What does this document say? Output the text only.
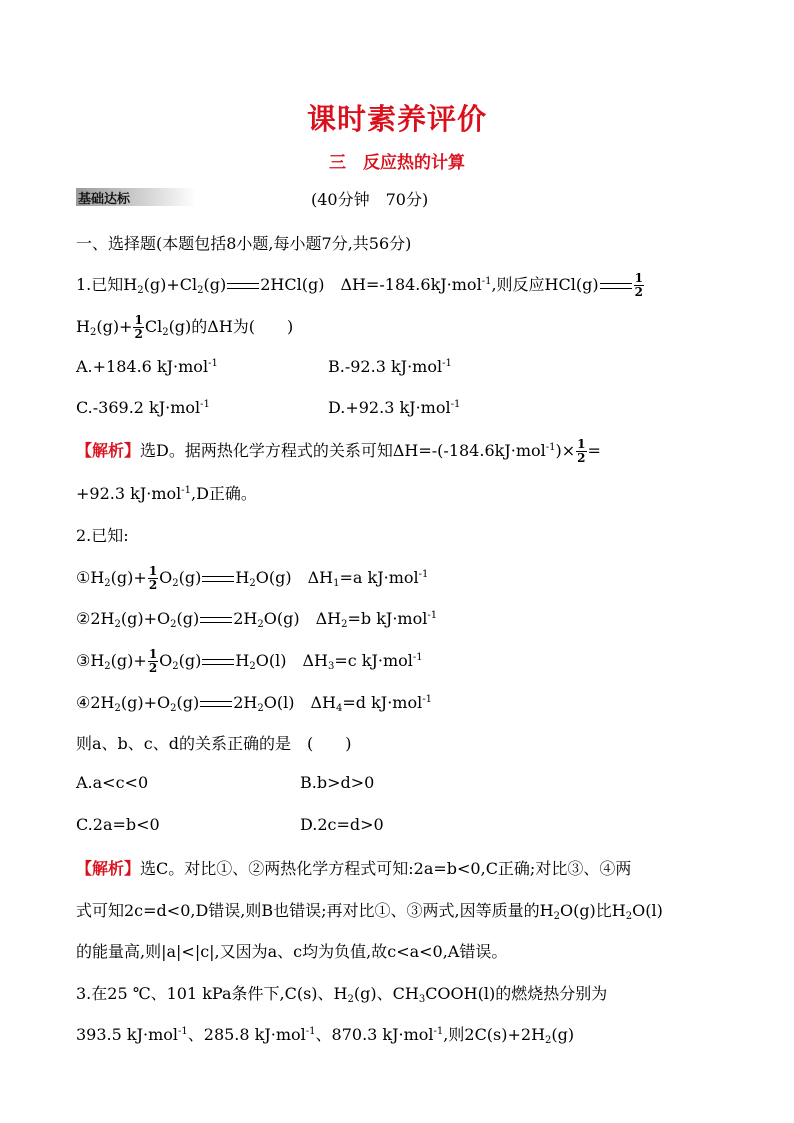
课时素养评价
三　反应热的计算
基础达标	(40分钟　70分)
一、选择题(本题包括8小题,每小题7分,共56分)
1.已知$H_2(g)+Cl_2(g)$ 2HCl(g)　ΔH=-184.6kJ·mol$^{-1}$,则反应HCl(g)	$\frac{1}{2}$
$H_2(g)+ \frac{1}{2} Cl_2(g)$的ΔH为(　　)
A.+184.6 kJ·mol$^{-1}$	B.-92.3 kJ·mol$^{-1}$
C.-369.2 kJ·mol$^{-1}$	D.+92.3 kJ·mol$^{-1}$
【解析】选D。据两热化学方程式的关系可知$\Delta H=-(-184.6kJ\cdot mol^{-1})\times \frac{1}{2}$ =
+92.3 kJ·mol$^{-1}$,D正确。
2.已知:
$①H_2(g)+ \frac{1}{2} O_2(g)$ $H_2O(g)$　$\Delta H_1=a$ kJ·mol$^{-1}$
$②2H_2(g)+O_2(g)$ $2H_2O(g)$　$\Delta H_2=b$ kJ·mol$^{-1}$
$③H_2(g)+ \frac{1}{2} O_2(g)$ $H_2O(l)$　$\Delta H_3=c$ kJ·mol$^{-1}$
$④2H_2(g)+O_2(g)$ $2H_2O(l)$　$\Delta H_4=d$ kJ·mol$^{-1}$
则a、b、c、d的关系正确的是　(　　)
A.a<c<0	B.b>d>0
C.2a=b<0	D.2c=d>0
【解析】选C。对比①、②两热化学方程式可知:2a=b<0,C正确;对比③、④两
式可知2c=d<0,D错误,则B也错误;再对比①、③两式,因等质量的$H_2O(g)$比$H_2O(l)$
的能量高,则|a|<|c|,又因为a、c均为负值,故c<a<0,A错误。
3.在25 ℃、101 kPa条件下,C(s)、$H_2(g)$、$CH_3COOH(l)$的燃烧热分别为
393.5 kJ·mol$^{-1}$、285.8 kJ·mol$^{-1}$、870.3 kJ·mol$^{-1}$,则$2C(s)+2H_2(g)$
